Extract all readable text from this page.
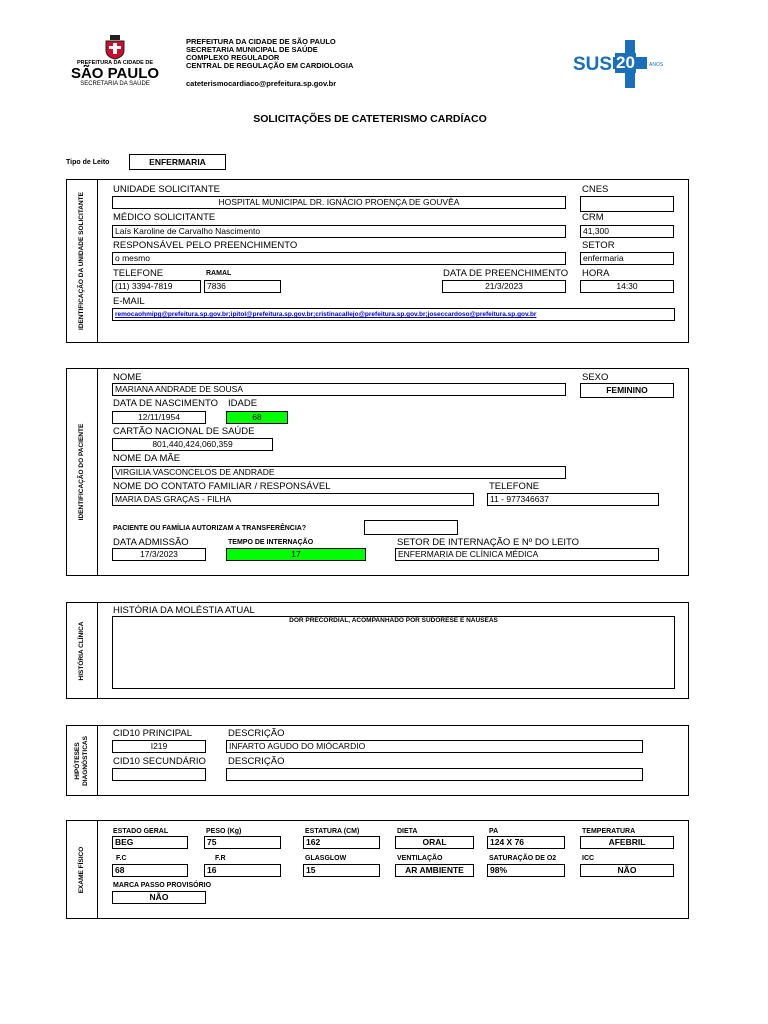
PREFEITURA DA CIDADE DE
SÃO PAULO
SECRETARIA DA SAÚDE
PREFEITURA DA CIDADE DE SÃO PAULO
SECRETARIA MUNICIPAL DE SAÚDE
COMPLEXO REGULADOR
CENTRAL DE REGULAÇÃO EM CARDIOLOGIA
cateterismocardiaco@prefeitura.sp.gov.br
SUS 20	ANOS
SOLICITAÇÕES DE CATETERISMO CARDÍACO
Tipo de Leito	ENFERMARIA
IDENTIFICAÇÃO DA UNIDADE SOLICITANTE
UNIDADE SOLICITANTE	CNES
HOSPITAL MUNICIPAL DR. IGNÁCIO PROENÇA DE GOUVÊA
MÉDICO SOLICITANTE	CRM
Laís Karoline de Carvalho Nascimento	41,300
RESPONSÁVEL PELO PREENCHIMENTO	SETOR
o mesmo	enfermaria
TELEFONE	RAMAL	DATA DE PREENCHIMENTO HORA
(11) 3394-7819	7836	21/3/2023	14:30
E-MAIL
remocaohmipg@prefeitura.sp.gov.br;ipitol@prefeitura.sp.gov.br;cristinacallejo@prefeitura.sp.gov.br;joseccardoso@prefeitura.sp.gov.br
IDENTIFICAÇÃO DO PACIENTE
NOME	SEXO
MARIANA ANDRADE DE SOUSA	FEMININO
DATA DE NASCIMENTO IDADE
12/11/1954	68
CARTÃO NACIONAL DE SAÚDE
801,440,424,060,359
NOME DA MÃE
VIRGILIA VASCONCELOS DE ANDRADE
NOME DO CONTATO FAMILIAR / RESPONSÁVEL	TELEFONE
MARIA DAS GRAÇAS - FILHA	11 - 977346637
PACIENTE OU FAMÍLIA AUTORIZAM A TRANSFERÊNCIA?
DATA ADMISSÃO	TEMPO DE INTERNAÇÃO	SETOR DE INTERNAÇÃO E Nº DO LEITO
17/3/2023	17	ENFERMARIA DE CLÍNICA MÉDICA
HISTÓRIA CLÍNICA
HISTÓRIA DA MOLÉSTIA ATUAL
DOR PRECORDIAL, ACOMPANHADO POR SUDORESE E NÁUSEAS
HIPÓTESES DIAGNÓSTICAS
CID10 PRINCIPAL	DESCRIÇÃO
I219	INFARTO AGUDO DO MIÓCARDIO
CID10 SECUNDÁRIO DESCRIÇÃO
EXAME FÍSICO
ESTADO GERAL	PESO (Kg)	ESTATURA (CM)	DIETA	PA	TEMPERATURA
BEG	75	162	ORAL	124 X 76	AFEBRIL
F.C	F.R	GLASGLOW	VENTILAÇÃO	SATURAÇÃO DE O2	ICC
68	16	15	AR AMBIENTE	98%	NÃO
MARCA PASSO PROVISÓRIO
NÃO
